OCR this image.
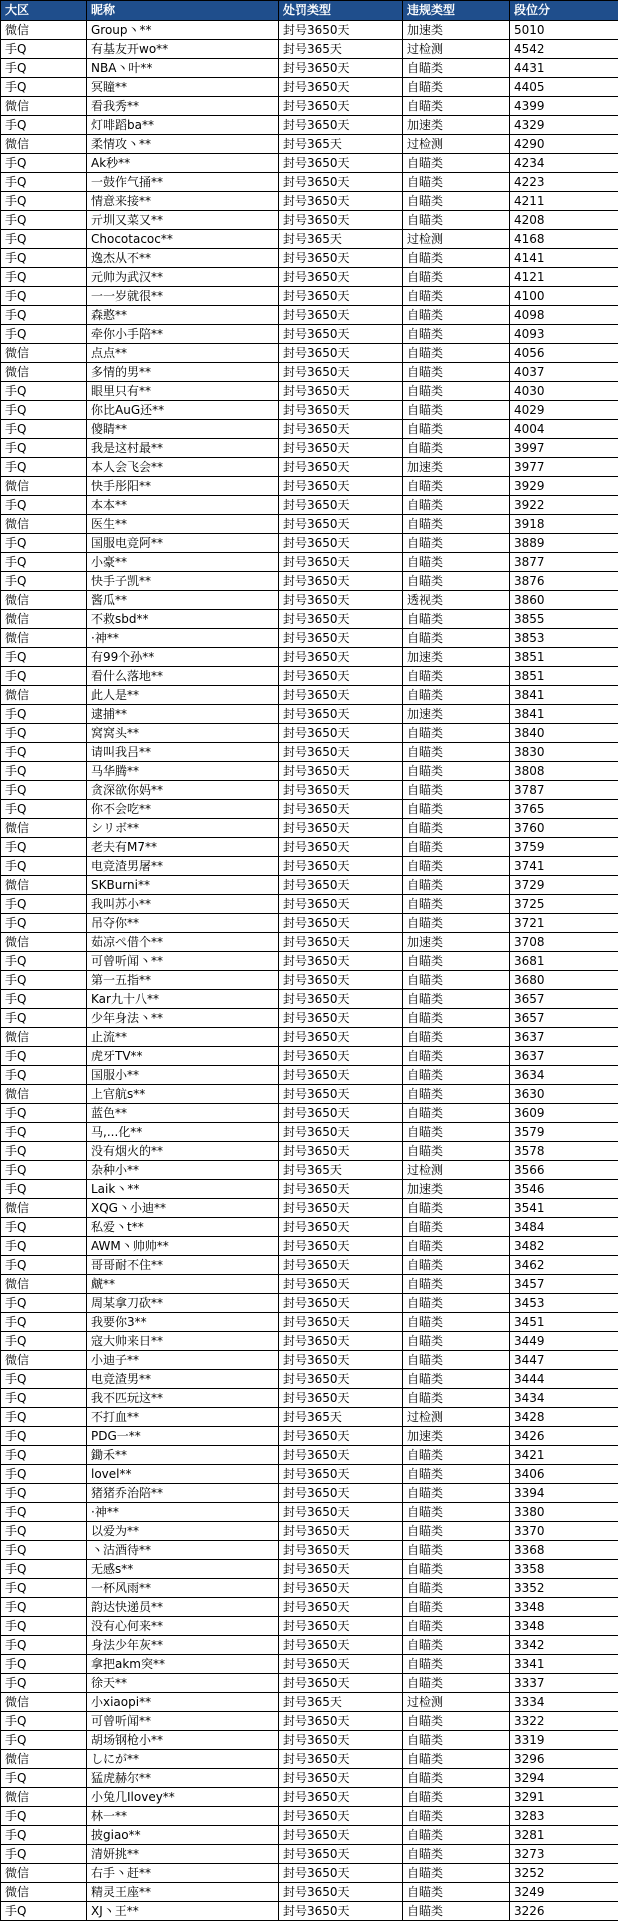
大区	昵称	处罚类型	违规类型	段位分
微信	Group丶**	封号3650天	加速类	5010
手Q	有基友开wo**	封号365天	过检测	4542
手Q	NBA丶叶**	封号3650天	自瞄类	4431
手Q	冥瞳**	封号3650天	自瞄类	4405
微信	看我秀**	封号3650天	自瞄类	4399
手Q	灯啡蹈ba**	封号3650天	加速类	4329
微信	柔情攻丶**	封号365天	过检测	4290
手Q	Ak秒**	封号3650天	自瞄类	4234
手Q	一鼓作气捅**	封号3650天	自瞄类	4223
手Q	情意来接**	封号3650天	自瞄类	4211
手Q	亓圳又菜又**	封号3650天	自瞄类	4208
手Q	Chocotacoc**	封号365天	过检测	4168
手Q	逸杰从不**	封号3650天	自瞄类	4141
手Q	元帅为武汉**	封号3650天	自瞄类	4121
手Q	一一岁就很**	封号3650天	自瞄类	4100
手Q	森憨**	封号3650天	自瞄类	4098
手Q	牵你小手陪**	封号3650天	自瞄类	4093
微信	点点**	封号3650天	自瞄类	4056
微信	多情的男**	封号3650天	自瞄类	4037
手Q	眼里只有**	封号3650天	自瞄类	4030
手Q	你比AuG还**	封号3650天	自瞄类	4029
手Q	傻睛**	封号3650天	自瞄类	4004
手Q	我是这村最**	封号3650天	自瞄类	3997
手Q	本人会飞会**	封号3650天	加速类	3977
微信	快手彤阳**	封号3650天	自瞄类	3929
手Q	本本**	封号3650天	自瞄类	3922
微信	医生**	封号3650天	自瞄类	3918
手Q	国服电竞阿**	封号3650天	自瞄类	3889
手Q	小豪**	封号3650天	自瞄类	3877
手Q	快手子凯**	封号3650天	自瞄类	3876
微信	酱瓜**	封号3650天	透视类	3860
微信	不救sbd**	封号3650天	自瞄类	3855
微信	·神**	封号3650天	自瞄类	3853
手Q	有99个孙**	封号3650天	加速类	3851
手Q	看什么落地**	封号3650天	自瞄类	3851
微信	此人是**	封号3650天	自瞄类	3841
手Q	逮捕**	封号3650天	加速类	3841
手Q	窝窝头**	封号3650天	自瞄类	3840
手Q	请叫我吕**	封号3650天	自瞄类	3830
手Q	马华腾**	封号3650天	自瞄类	3808
手Q	贪深欲你妈**	封号3650天	自瞄类	3787
手Q	你不会吃**	封号3650天	自瞄类	3765
微信	シリボ**	封号3650天	自瞄类	3760
手Q	老夫有M7**	封号3650天	自瞄类	3759
手Q	电竞渣男屠**	封号3650天	自瞄类	3741
微信	SKBurni**	封号3650天	自瞄类	3729
手Q	我叫苏小**	封号3650天	自瞄类	3725
手Q	吊夺你**	封号3650天	自瞄类	3721
微信	茹凉ぺ借个**	封号3650天	加速类	3708
手Q	可曾听闻丶**	封号3650天	自瞄类	3681
手Q	第一五指**	封号3650天	自瞄类	3680
手Q	Kar九十八**	封号3650天	自瞄类	3657
手Q	少年身法丶**	封号3650天	自瞄类	3657
微信	止流**	封号3650天	自瞄类	3637
手Q	虎牙TV**	封号3650天	自瞄类	3637
手Q	国服小**	封号3650天	自瞄类	3634
微信	上官航s**	封号3650天	自瞄类	3630
手Q	蓝色**	封号3650天	自瞄类	3609
手Q	马,...化**	封号3650天	自瞄类	3579
手Q	没有烟火的**	封号3650天	自瞄类	3578
手Q	杂种小**	封号365天	过检测	3566
手Q	Laik丶**	封号3650天	加速类	3546
微信	XQG丶小迪**	封号3650天	自瞄类	3541
手Q	私爱丶t**	封号3650天	自瞄类	3484
手Q	AWM丶帅帅**	封号3650天	自瞄类	3482
手Q	哥哥耐不住**	封号3650天	自瞄类	3462
微信	虤**	封号3650天	自瞄类	3457
手Q	周某拿刀砍**	封号3650天	自瞄类	3453
手Q	我要你3**	封号3650天	自瞄类	3451
手Q	寇大帅来日**	封号3650天	自瞄类	3449
微信	小迪子**	封号3650天	自瞄类	3447
手Q	电竞渣男**	封号3650天	自瞄类	3444
手Q	我不匹玩这**	封号3650天	自瞄类	3434
手Q	不打血**	封号365天	过检测	3428
手Q	PDG一**	封号3650天	加速类	3426
手Q	鋤禾**	封号3650天	自瞄类	3421
手Q	lovel**	封号3650天	自瞄类	3406
手Q	猪猪乔治陪**	封号3650天	自瞄类	3394
手Q	·神**	封号3650天	自瞄类	3380
手Q	以爱为**	封号3650天	自瞄类	3370
手Q	丶沽酒待**	封号3650天	自瞄类	3368
手Q	无感s**	封号3650天	自瞄类	3358
手Q	一杯风雨**	封号3650天	自瞄类	3352
手Q	韵达快递员**	封号3650天	自瞄类	3348
手Q	没有心何来**	封号3650天	自瞄类	3348
手Q	身法少年灰**	封号3650天	自瞄类	3342
手Q	拿把akm突**	封号3650天	自瞄类	3341
手Q	徐天**	封号3650天	自瞄类	3337
微信	小xiaopi**	封号365天	过检测	3334
手Q	可曾听闻**	封号3650天	自瞄类	3322
手Q	胡场钢枪小**	封号3650天	自瞄类	3319
微信	しにが**	封号3650天	自瞄类	3296
手Q	猛虎赫尔**	封号3650天	自瞄类	3294
微信	小兔几Ilovey**	封号3650天	自瞄类	3291
手Q	林一**	封号3650天	自瞄类	3283
手Q	披giao**	封号3650天	自瞄类	3281
手Q	清妍挑**	封号3650天	自瞄类	3273
微信	右手丶赶**	封号3650天	自瞄类	3252
微信	精灵王座**	封号3650天	自瞄类	3249
手Q	XJ丶王**	封号3650天	自瞄类	3226
